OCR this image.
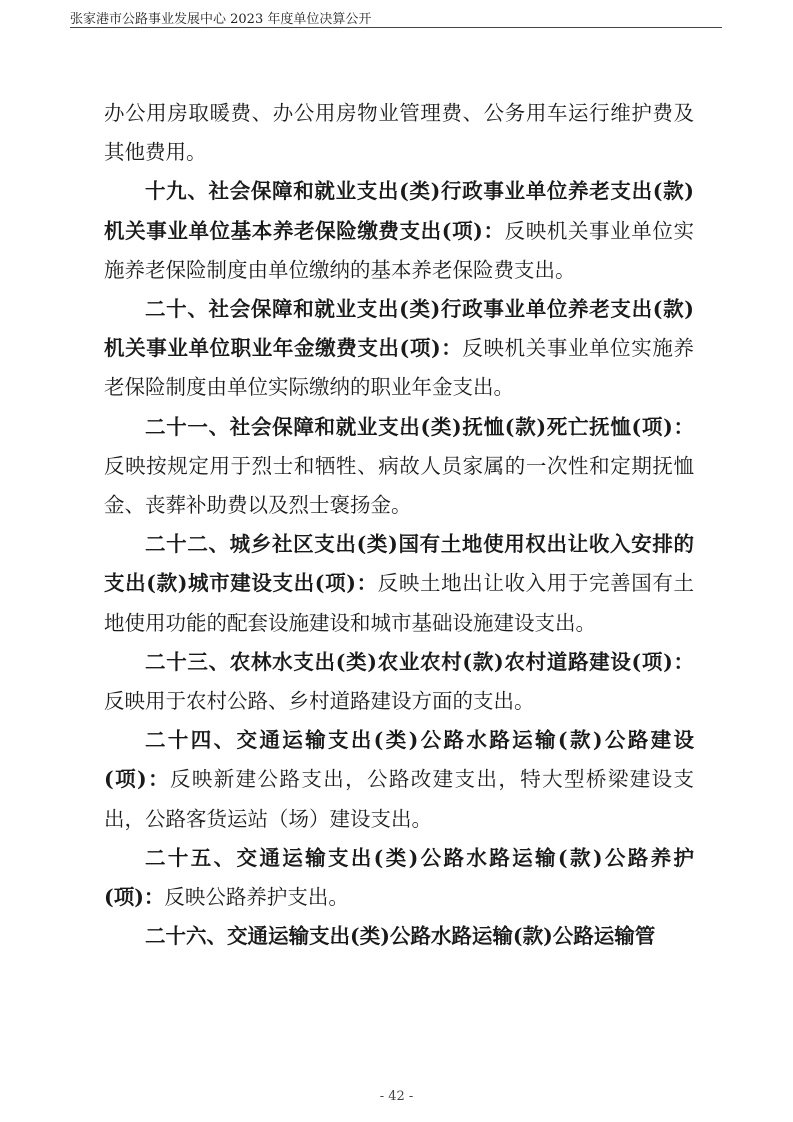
张家港市公路事业发展中心 2023 年度单位决算公开

办公用房取暖费、办公用房物业管理费、公务用车运行维护费及其他费用。

十九、社会保障和就业支出(类)行政事业单位养老支出(款)机关事业单位基本养老保险缴费支出(项)：反映机关事业单位实施养老保险制度由单位缴纳的基本养老保险费支出。

二十、社会保障和就业支出(类)行政事业单位养老支出(款)机关事业单位职业年金缴费支出(项)：反映机关事业单位实施养老保险制度由单位实际缴纳的职业年金支出。

二十一、社会保障和就业支出(类)抚恤(款)死亡抚恤(项)：反映按规定用于烈士和牺牲、病故人员家属的一次性和定期抚恤金、丧葬补助费以及烈士褒扬金。

二十二、城乡社区支出(类)国有土地使用权出让收入安排的支出(款)城市建设支出(项)：反映土地出让收入用于完善国有土地使用功能的配套设施建设和城市基础设施建设支出。

二十三、农林水支出(类)农业农村(款)农村道路建设(项)：反映用于农村公路、乡村道路建设方面的支出。

二十四、交通运输支出(类)公路水路运输(款)公路建设(项)：反映新建公路支出，公路改建支出，特大型桥梁建设支出，公路客货运站（场）建设支出。

二十五、交通运输支出(类)公路水路运输(款)公路养护(项)：反映公路养护支出。

二十六、交通运输支出(类)公路水路运输(款)公路运输管

- 42 -
